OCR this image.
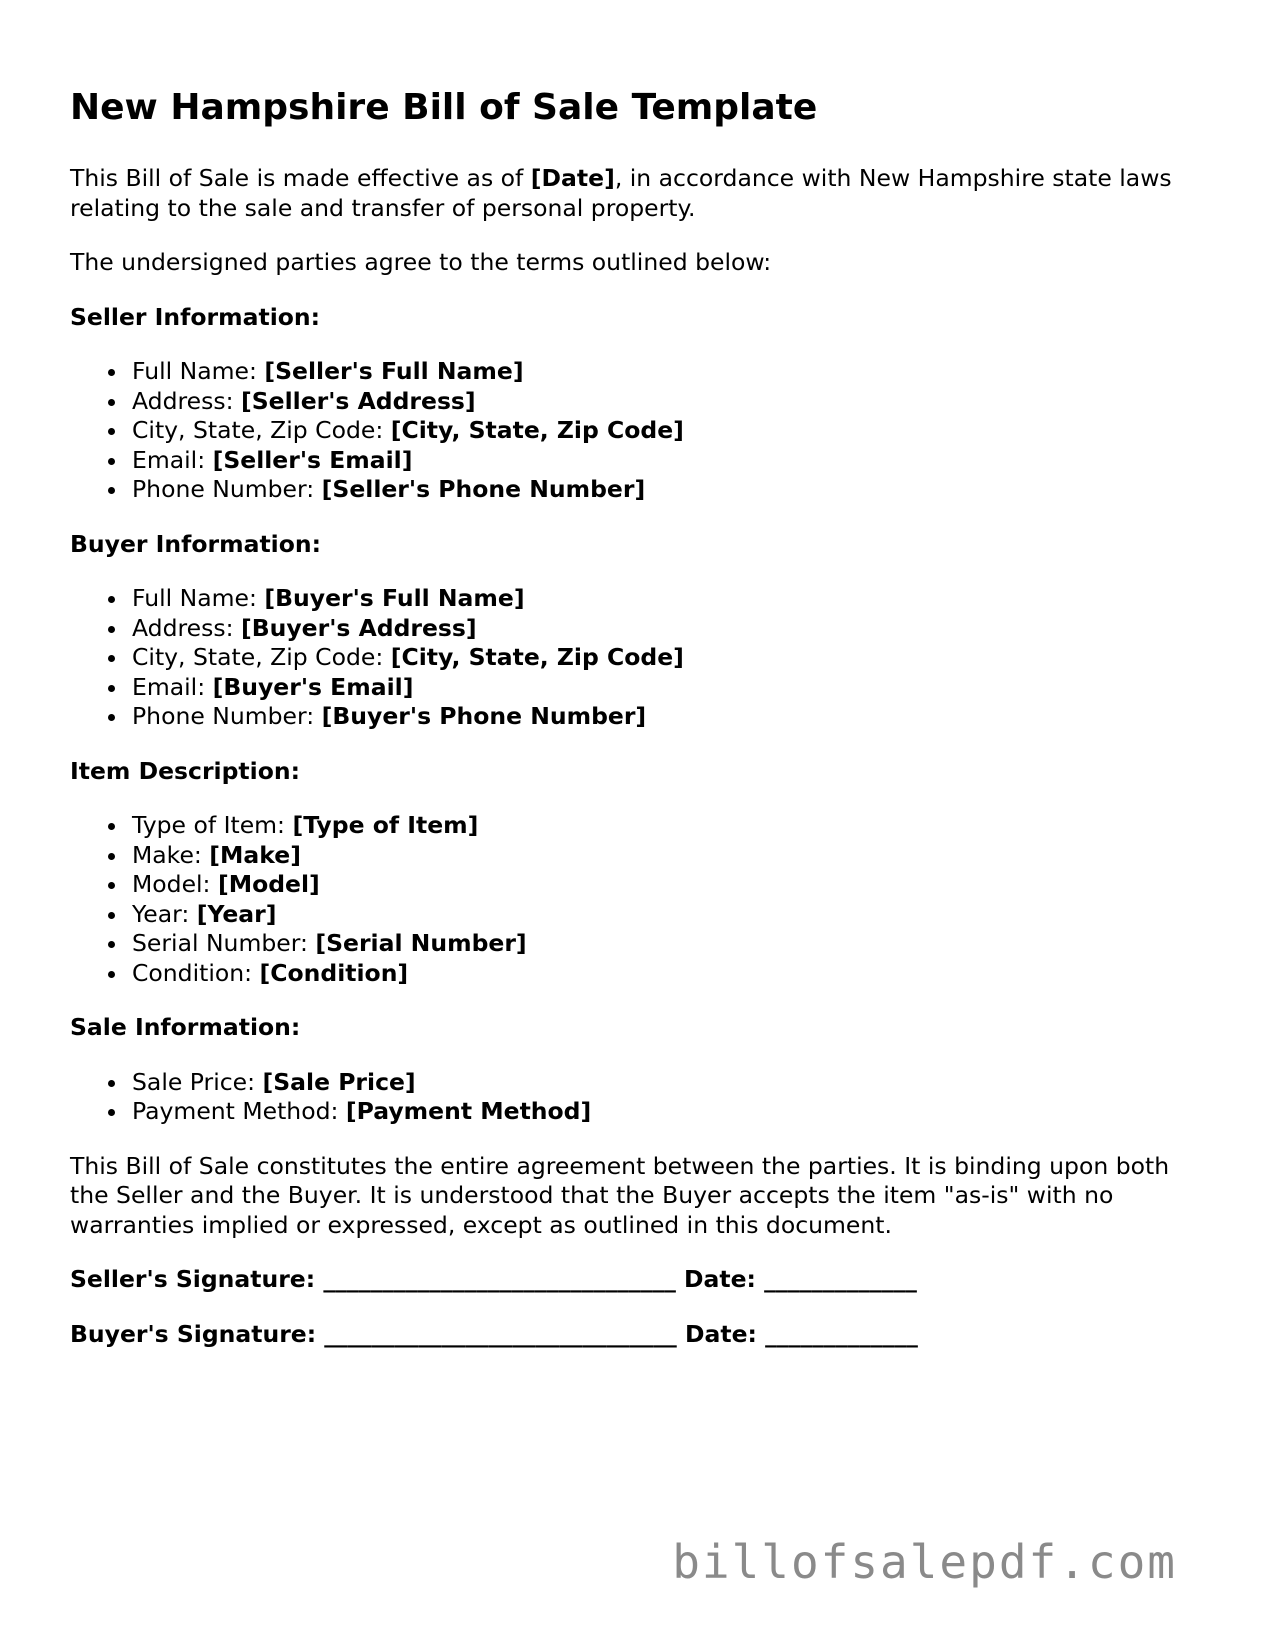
New Hampshire Bill of Sale Template

This Bill of Sale is made effective as of [Date], in accordance with New Hampshire state laws relating to the sale and transfer of personal property.

The undersigned parties agree to the terms outlined below:

Seller Information:
Full Name: [Seller's Full Name]
Address: [Seller's Address]
City, State, Zip Code: [City, State, Zip Code]
Email: [Seller's Email]
Phone Number: [Seller's Phone Number]
Buyer Information:
Full Name: [Buyer's Full Name]
Address: [Buyer's Address]
City, State, Zip Code: [City, State, Zip Code]
Email: [Buyer's Email]
Phone Number: [Buyer's Phone Number]
Item Description:
Type of Item: [Type of Item]
Make: [Make]
Model: [Model]
Year: [Year]
Serial Number: [Serial Number]
Condition: [Condition]
Sale Information:
Sale Price: [Sale Price]
Payment Method: [Payment Method]

This Bill of Sale constitutes the entire agreement between the parties. It is binding upon both the Seller and the Buyer. It is understood that the Buyer accepts the item "as-is" with no warranties implied or expressed, except as outlined in this document.

Seller's Signature: ______________________________ Date: _____________
Buyer's Signature: ______________________________ Date: _____________
billofsalepdf.com
